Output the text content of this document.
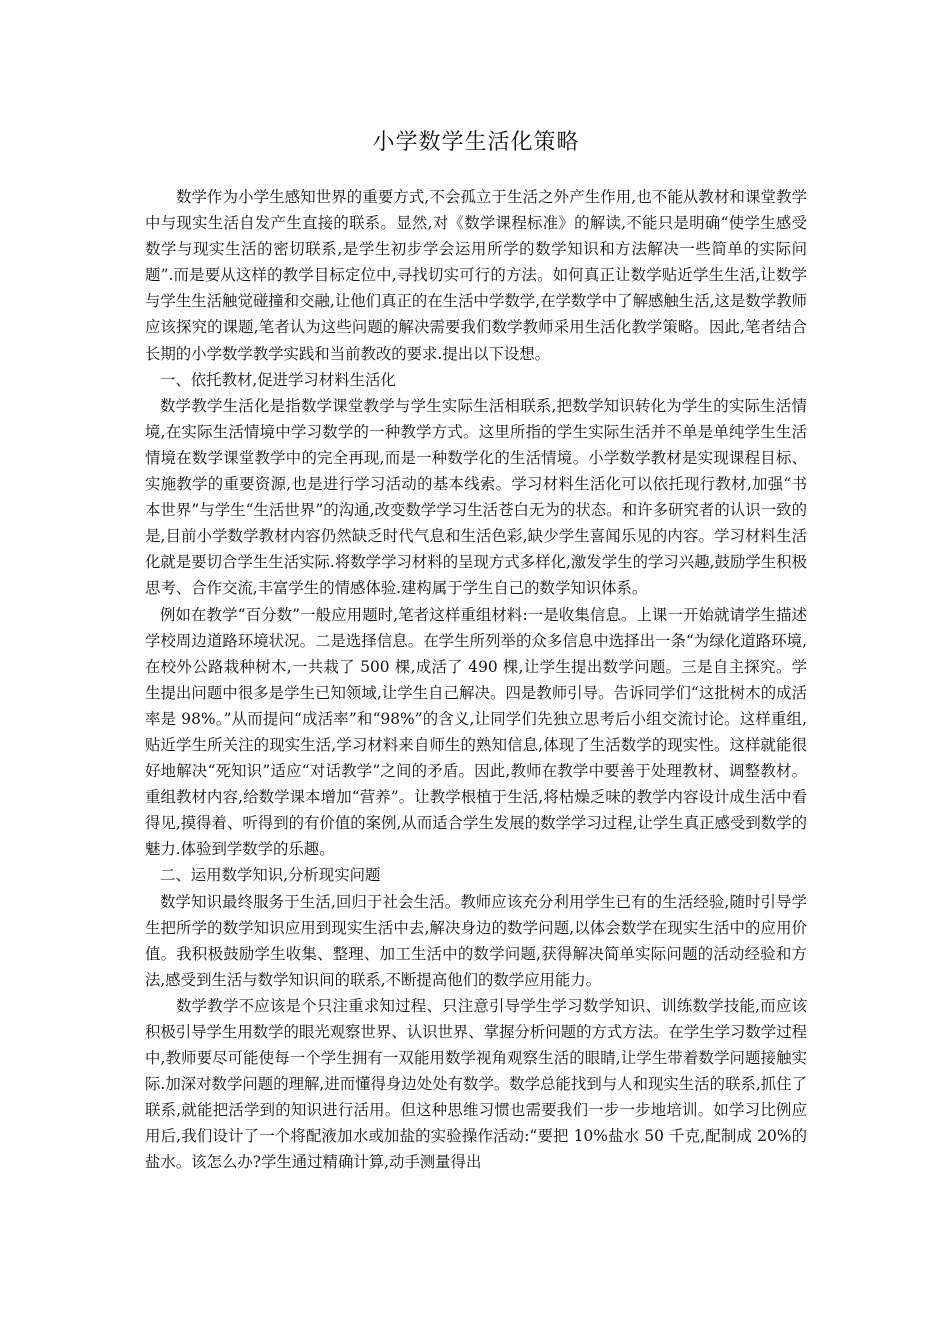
小学数学生活化策略

数学作为小学生感知世界的重要方式,不会孤立于生活之外产生作用,也不能从教材和课堂教学中与现实生活自发产生直接的联系。显然,对《数学课程标准》的解读,不能只是明确“使学生感受数学与现实生活的密切联系,是学生初步学会运用所学的数学知识和方法解决一些简单的实际问题”.而是要从这样的教学目标定位中,寻找切实可行的方法。如何真正让数学贴近学生生活,让数学与学生生活触觉碰撞和交融,让他们真正的在生活中学数学,在学数学中了解感触生活,这是数学教师应该探究的课题,笔者认为这些问题的解决需要我们数学教师采用生活化教学策略。因此,笔者结合长期的小学数学教学实践和当前教改的要求.提出以下设想。

一、依托教材,促进学习材料生活化

数学教学生活化是指数学课堂教学与学生实际生活相联系,把数学知识转化为学生的实际生活情境,在实际生活情境中学习数学的一种教学方式。这里所指的学生实际生活并不单是单纯学生生活情境在数学课堂教学中的完全再现,而是一种数学化的生活情境。小学数学教材是实现课程目标、实施教学的重要资源,也是进行学习活动的基本线索。学习材料生活化可以依托现行教材,加强“书本世界”与学生“生活世界”的沟通,改变数学学习生活苍白无为的状态。和许多研究者的认识一致的是,目前小学数学教材内容仍然缺乏时代气息和生活色彩,缺少学生喜闻乐见的内容。学习材料生活化就是要切合学生生活实际.将数学学习材料的呈现方式多样化,激发学生的学习兴趣,鼓励学生积极思考、合作交流,丰富学生的情感体验.建构属于学生自己的数学知识体系。

例如在教学“百分数”一般应用题时,笔者这样重组材料:一是收集信息。上课一开始就请学生描述学校周边道路环境状况。二是选择信息。在学生所列举的众多信息中选择出一条“为绿化道路环境,在校外公路栽种树木,一共栽了 500 棵,成活了 490 棵,让学生提出数学问题。三是自主探究。学生提出问题中很多是学生已知领域,让学生自己解决。四是教师引导。告诉同学们“这批树木的成活率是 98%。”从而提问“成活率”和“98%”的含义,让同学们先独立思考后小组交流讨论。这样重组,贴近学生所关注的现实生活,学习材料来自师生的熟知信息,体现了生活数学的现实性。这样就能很好地解决“死知识”适应“对话教学”之间的矛盾。因此,教师在教学中要善于处理教材、调整教材。重组教材内容,给数学课本增加“营养”。让教学根植于生活,将枯燥乏味的教学内容设计成生活中看得见,摸得着、听得到的有价值的案例,从而适合学生发展的数学学习过程,让学生真正感受到数学的魅力.体验到学数学的乐趣。

二、运用数学知识,分析现实问题

数学知识最终服务于生活,回归于社会生活。教师应该充分利用学生已有的生活经验,随时引导学生把所学的数学知识应用到现实生活中去,解决身边的数学问题,以体会数学在现实生活中的应用价值。我积极鼓励学生收集、整理、加工生活中的数学问题,获得解决简单实际问题的活动经验和方法,感受到生活与数学知识间的联系,不断提高他们的数学应用能力。

数学教学不应该是个只注重求知过程、只注意引导学生学习数学知识、训练数学技能,而应该积极引导学生用数学的眼光观察世界、认识世界、掌握分析问题的方式方法。在学生学习数学过程中,教师要尽可能使每一个学生拥有一双能用数学视角观察生活的眼睛,让学生带着数学问题接触实际.加深对数学问题的理解,进而懂得身边处处有数学。数学总能找到与人和现实生活的联系,抓住了联系,就能把活学到的知识进行活用。但这种思维习惯也需要我们一步一步地培训。如学习比例应用后,我们设计了一个将配液加水或加盐的实验操作活动:“要把 10%盐水 50 千克,配制成 20%的盐水。该怎么办?学生通过精确计算,动手测量得出
